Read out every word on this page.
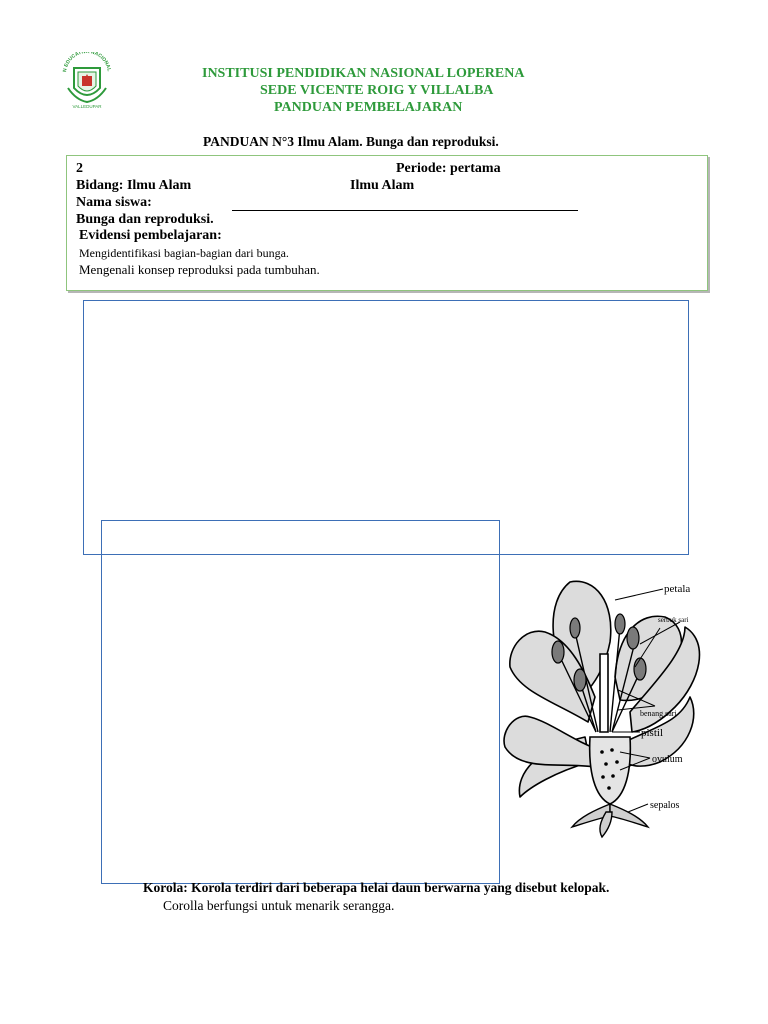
N EDUCATIVA NACIONAL
VALLEDUPAR
INSTITUSI PENDIDIKAN NASIONAL LOPERENA
SEDE VICENTE ROIG Y VILLALBA
PANDUAN PEMBELAJARAN
PANDUAN N°3 Ilmu Alam. Bunga dan reproduksi.
2	Periode: pertama
Bidang: Ilmu Alam	Ilmu Alam
Nama siswa:
Bunga dan reproduksi.
Evidensi pembelajaran:
Mengidentifikasi bagian-bagian dari bunga.
Mengenali konsep reproduksi pada tumbuhan.
petala
serbuk sari
benang sari
pistil
ovulum
sepalos
Korola: Korola terdiri dari beberapa helai daun berwarna yang disebut kelopak.
Corolla berfungsi untuk menarik serangga.
